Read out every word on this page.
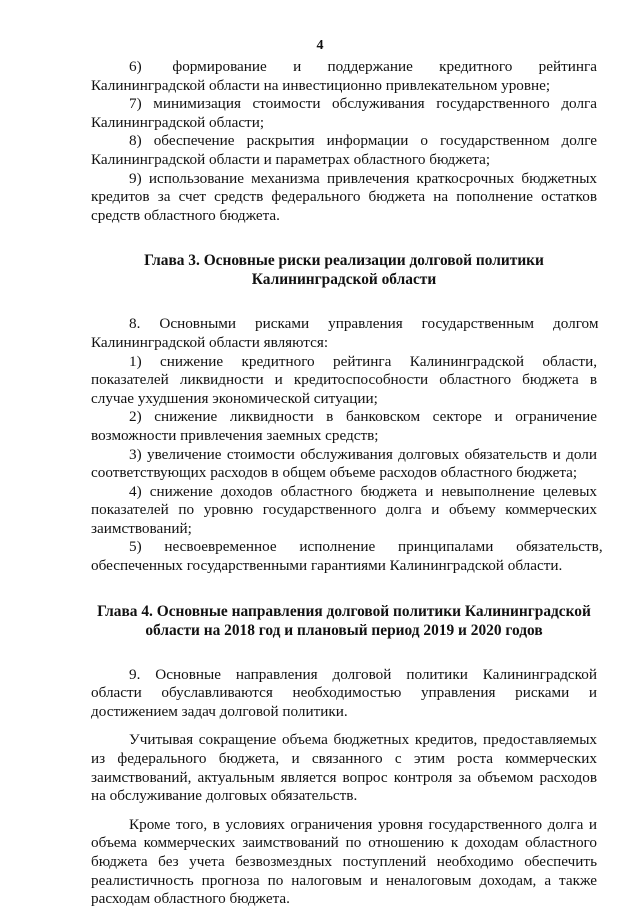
4

6)       формирование      и      поддержание      кредитного      рейтинга Калининградской области на инвестиционно привлекательном уровне;

7) минимизация стоимости обслуживания государственного долга Калининградской области;

8) обеспечение раскрытия информации о государственном долге Калининградской области и параметрах областного бюджета;

9) использование механизма привлечения краткосрочных бюджетных кредитов за счет средств федерального бюджета на пополнение остатков средств областного бюджета.

Глава 3. Основные риски реализации долговой политики

Калининградской области

8.     Основными     рисками     управления     государственным     долгом Калининградской области являются:

1)    снижение    кредитного    рейтинга    Калининградской    области, показателей ликвидности и кредитоспособности областного бюджета в случае ухудшения экономической ситуации;

2) снижение ликвидности в банковском секторе и ограничение возможности привлечения заемных средств;

3) увеличение стоимости обслуживания долговых обязательств и доли соответствующих расходов в общем объеме расходов областного бюджета;

4) снижение доходов областного бюджета и невыполнение целевых показателей по уровню государственного долга и объему коммерческих заимствований;

5)      несвоевременное      исполнение      принципалами      обязательств, обеспеченных государственными гарантиями Калининградской области.

Глава 4. Основные направления долговой политики Калининградской

области на 2018 год и плановый период 2019 и 2020 годов

9.   Основные   направления   долговой   политики   Калининградской области    обуславливаются    необходимостью    управления    рисками    и достижением задач долговой политики.

Учитывая сокращение объема бюджетных кредитов, предоставляемых из федерального бюджета, и связанного с этим роста коммерческих заимствований, актуальным является вопрос контроля за объемом расходов на обслуживание долговых обязательств.

Кроме того, в условиях ограничения уровня государственного долга и объема коммерческих заимствований по отношению к доходам областного бюджета без учета безвозмездных поступлений необходимо обеспечить реалистичность прогноза по налоговым и неналоговым доходам, а также расходам областного бюджета.
